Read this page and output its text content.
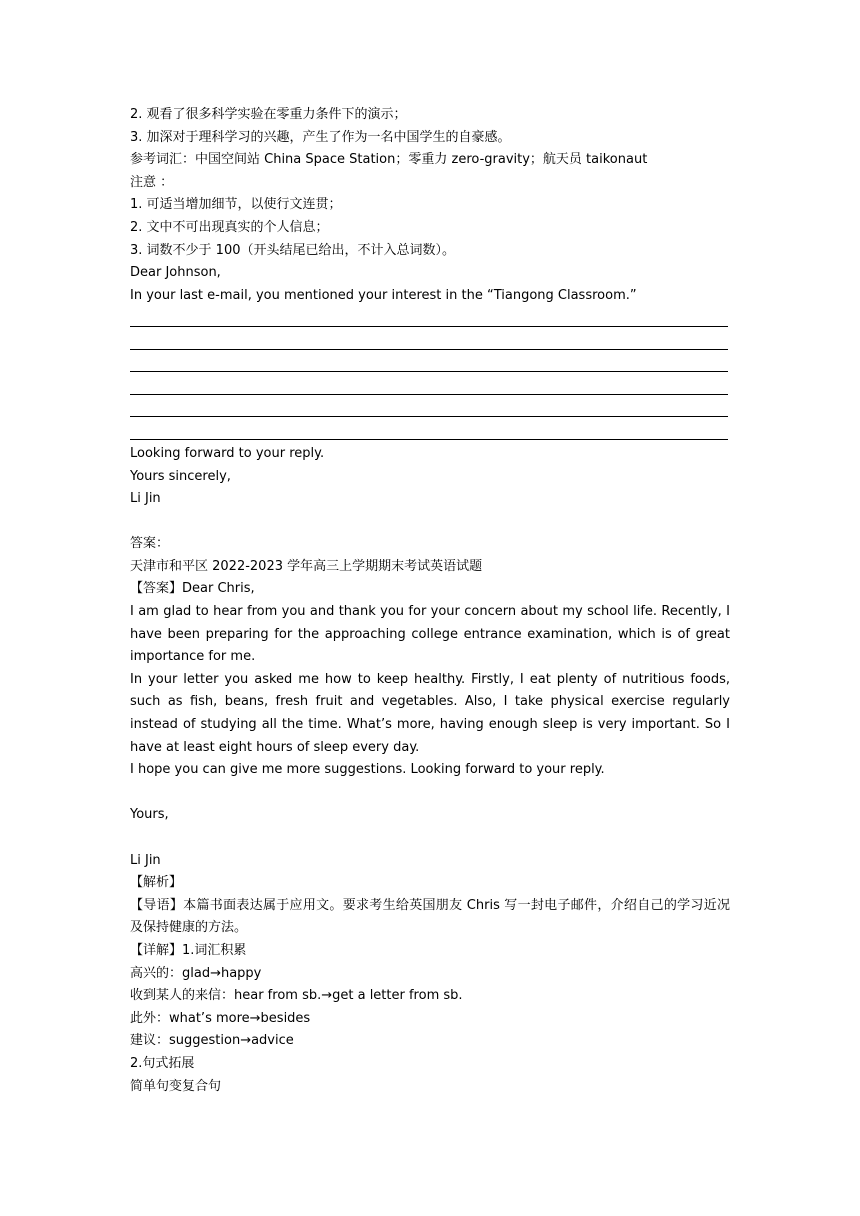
2. 观看了很多科学实验在零重力条件下的演示；
3. 加深对于理科学习的兴趣，产生了作为一名中国学生的自豪感。
参考词汇：中国空间站 China Space Station；零重力 zero-gravity；航天员 taikonaut
注意 ：
1. 可适当增加细节，以使行文连贯；
2. 文中不可出现真实的个人信息；
3. 词数不少于 100（开头结尾已给出，不计入总词数）。
Dear Johnson,
In your last e-mail, you mentioned your interest in the “Tiangong Classroom.”
Looking forward to your reply.
Yours sincerely,
Li Jin
答案：
天津市和平区 2022-2023 学年高三上学期期末考试英语试题
【答案】Dear Chris,
I am glad to hear from you and thank you for your concern about my school life. Recently, I have been preparing for the approaching college entrance examination, which is of great importance for me.
In your letter you asked me how to keep healthy. Firstly, I eat plenty of nutritious foods, such as fish, beans, fresh fruit and vegetables. Also, I take physical exercise regularly instead of studying all the time. What’s more, having enough sleep is very important. So I have at least eight hours of sleep every day.
I hope you can give me more suggestions. Looking forward to your reply.
Yours,
Li Jin
【解析】
【导语】本篇书面表达属于应用文。要求考生给英国朋友 Chris 写一封电子邮件，介绍自己的学习近况及保持健康的方法。
【详解】1.词汇积累
高兴的：glad→happy
收到某人的来信：hear from sb.→get a letter from sb.
此外：what’s more→besides
建议：suggestion→advice
2.句式拓展
简单句变复合句
